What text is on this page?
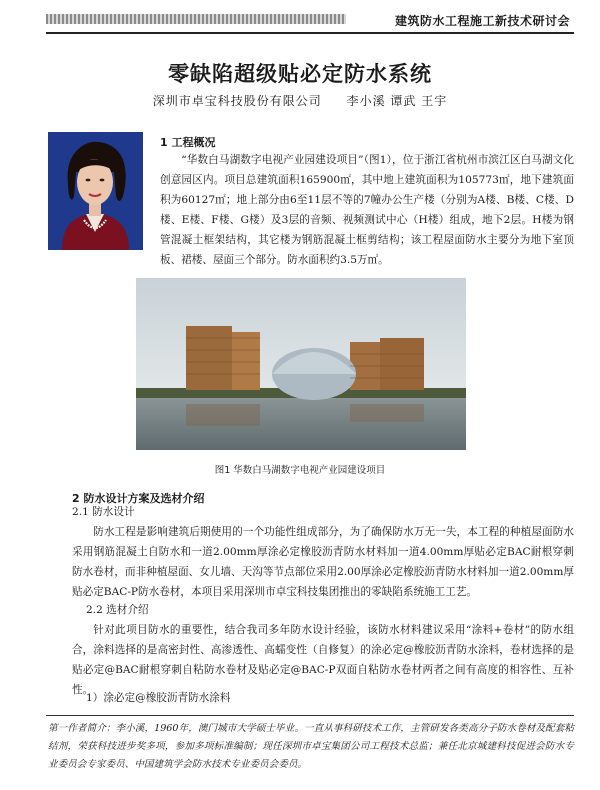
建筑防水工程施工新技术研讨会
零缺陷超级贴必定防水系统
深圳市卓宝科技股份有限公司 李小溪 谭武 王宇
1 工程概况
“华数白马湖数字电视产业园建设项目”（图1），位于浙江省杭州市滨江区白马湖文化创意园区内。项目总建筑面积165900㎡，其中地上建筑面积为105773㎡，地下建筑面积为60127㎡；地上部分由6至11层不等的7幢办公生产楼（分别为A楼、B楼、C楼、D楼、E楼、F楼、G楼）及3层的音频、视频测试中心（H楼）组成，地下2层。H楼为钢管混凝土框架结构，其它楼为钢筋混凝土框剪结构；该工程屋面防水主要分为地下室顶板、裙楼、屋面三个部分。防水面积约3.5万㎡。
图1 华数白马湖数字电视产业园建设项目
2 防水设计方案及选材介绍
2.1 防水设计
防水工程是影响建筑后期使用的一个功能性组成部分，为了确保防水万无一失，本工程的种植屋面防水采用钢筋混凝土自防水和一道2.00mm厚涂必定橡胶沥青防水材料加一道4.00mm厚贴必定BAC耐根穿刺防水卷材，而非种植屋面、女儿墙、天沟等节点部位采用2.00厚涂必定橡胶沥青防水材料加一道2.00mm厚贴必定BAC-P防水卷材，本项目采用深圳市卓宝科技集团推出的零缺陷系统施工工艺。
2.2 选材介绍
针对此项目防水的重要性，结合我司多年防水设计经验，该防水材料建议采用“涂料+卷材”的防水组合，涂料选择的是高密封性、高渗透性、高蠕变性（自修复）的涂必定@橡胶沥青防水涂料，卷材选择的是贴必定@BAC耐根穿刺自粘防水卷材及贴必定@BAC-P双面自粘防水卷材两者之间有高度的相容性、互补性。
1）涂必定@橡胶沥青防水涂料
第一作者简介：李小溪，1960年，澳门城市大学硕士毕业。一直从事科研技术工作，主管研发各类高分子防水卷材及配套粘结剂，荣获科技进步奖多项，参加多项标准编制；现任深圳市卓宝集团公司工程技术总监；兼任北京城建科技促进会防水专业委员会专家委员、中国建筑学会防水技术专业委员会委员。
